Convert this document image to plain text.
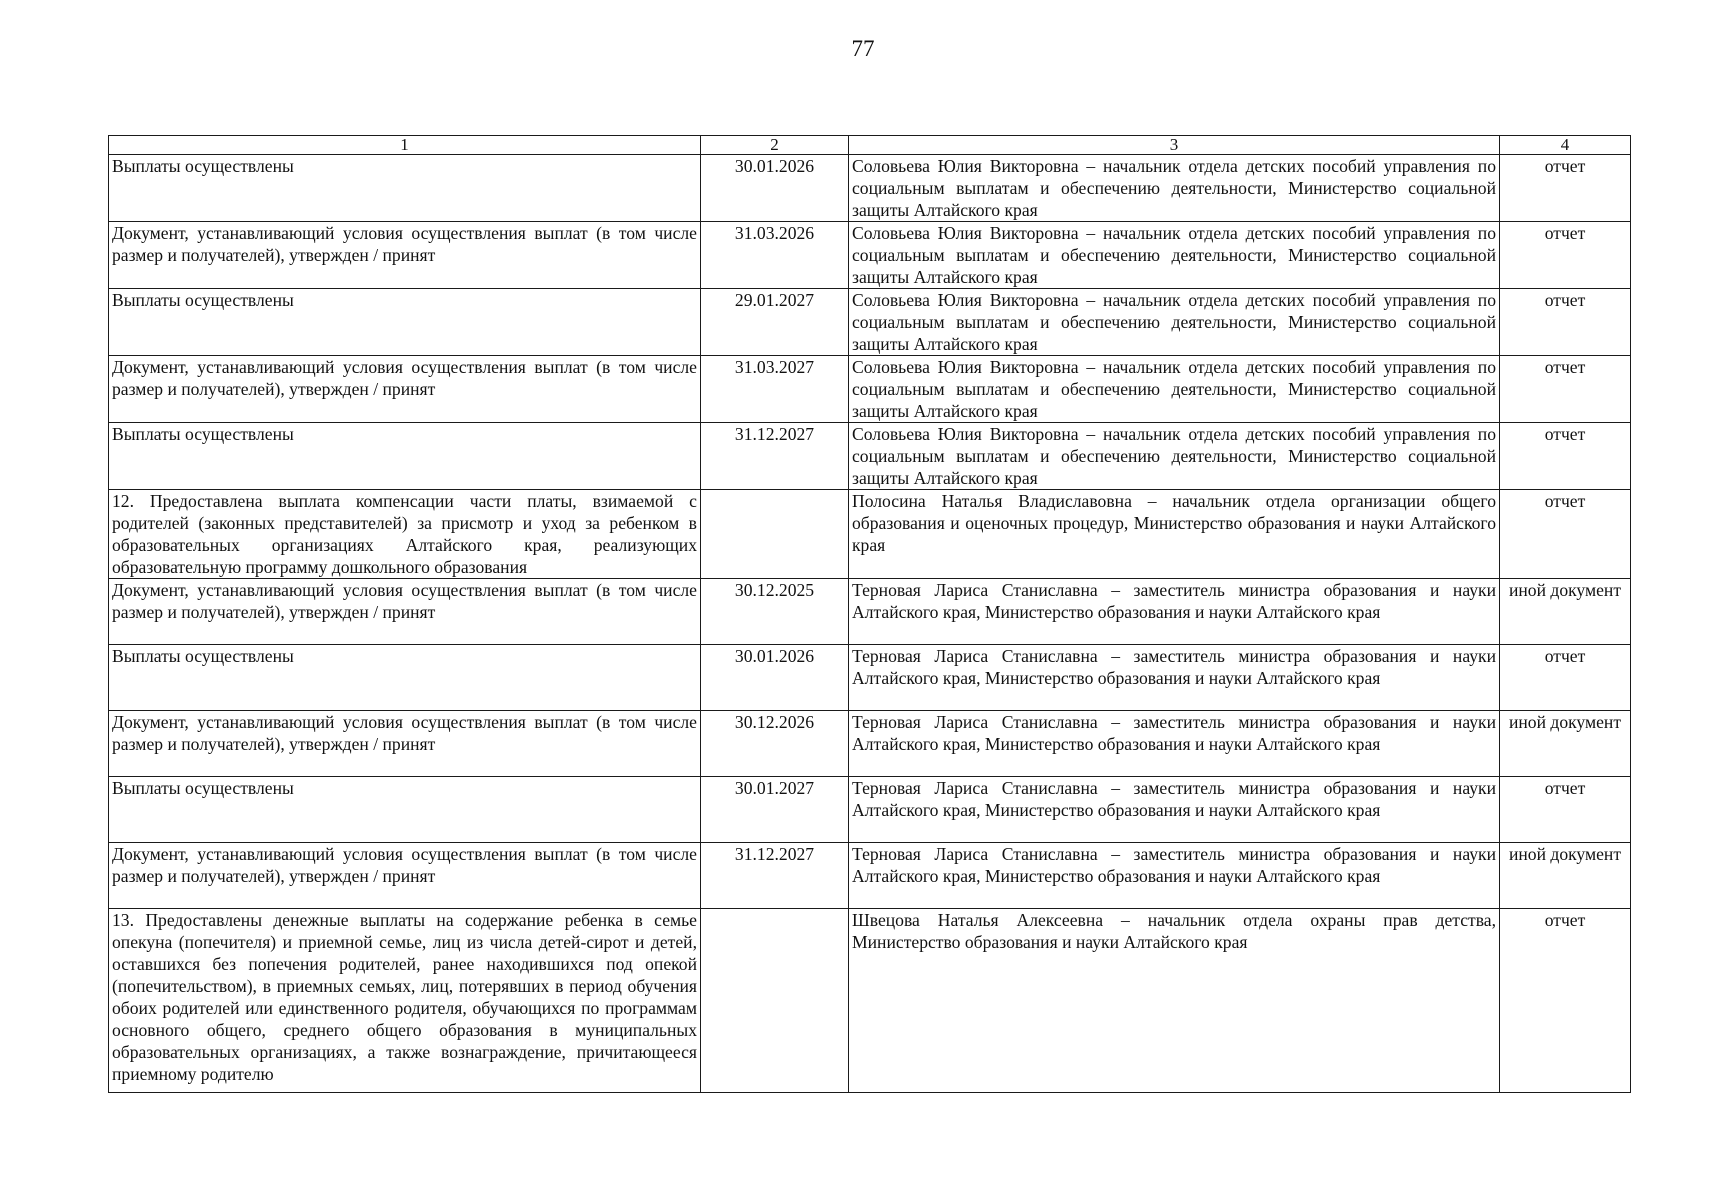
77
1	2	3	4
Выплаты осуществлены	30.01.2026	Соловьева Юлия Викторовна – начальник отдела детских пособий управления по социальным выплатам и обеспечению деятельности, Министерство социальной защиты Алтайского края	отчет
Документ, устанавливающий условия осуществления выплат (в том числе размер и получателей), утвержден / принят	31.03.2026	Соловьева Юлия Викторовна – начальник отдела детских пособий управления по социальным выплатам и обеспечению деятельности, Министерство социальной защиты Алтайского края	отчет
Выплаты осуществлены	29.01.2027	Соловьева Юлия Викторовна – начальник отдела детских пособий управления по социальным выплатам и обеспечению деятельности, Министерство социальной защиты Алтайского края	отчет
Документ, устанавливающий условия осуществления выплат (в том числе размер и получателей), утвержден / принят	31.03.2027	Соловьева Юлия Викторовна – начальник отдела детских пособий управления по социальным выплатам и обеспечению деятельности, Министерство социальной защиты Алтайского края	отчет
Выплаты осуществлены	31.12.2027	Соловьева Юлия Викторовна – начальник отдела детских пособий управления по социальным выплатам и обеспечению деятельности, Министерство социальной защиты Алтайского края	отчет
12. Предоставлена выплата компенсации части платы, взимаемой с родителей (законных представителей) за присмотр и уход за ребенком в образовательных организациях Алтайского края, реализующих образовательную программу дошкольного образования		Полосина Наталья Владиславовна – начальник отдела организации общего образования и оценочных процедур, Министерство образования и науки Алтайского края	отчет
Документ, устанавливающий условия осуществления выплат (в том числе размер и получателей), утвержден / принят	30.12.2025	Терновая Лариса Станиславна – заместитель министра образования и науки Алтайского края, Министерство образования и науки Алтайского края	иной документ
Выплаты осуществлены	30.01.2026	Терновая Лариса Станиславна – заместитель министра образования и науки Алтайского края, Министерство образования и науки Алтайского края	отчет
Документ, устанавливающий условия осуществления выплат (в том числе размер и получателей), утвержден / принят	30.12.2026	Терновая Лариса Станиславна – заместитель министра образования и науки Алтайского края, Министерство образования и науки Алтайского края	иной документ
Выплаты осуществлены	30.01.2027	Терновая Лариса Станиславна – заместитель министра образования и науки Алтайского края, Министерство образования и науки Алтайского края	отчет
Документ, устанавливающий условия осуществления выплат (в том числе размер и получателей), утвержден / принят	31.12.2027	Терновая Лариса Станиславна – заместитель министра образования и науки Алтайского края, Министерство образования и науки Алтайского края	иной документ
13. Предоставлены денежные выплаты на содержание ребенка в семье опекуна (попечителя) и приемной семье, лиц из числа детей-сирот и детей, оставшихся без попечения родителей, ранее находившихся под опекой (попечительством), в приемных семьях, лиц, потерявших в период обучения обоих родителей или единственного родителя, обучающихся по программам основного общего, среднего общего образования в муниципальных образовательных организациях, а также вознаграждение, причитающееся приемному родителю		Швецова Наталья Алексеевна – начальник отдела охраны прав детства, Министерство образования и науки Алтайского края	отчет
